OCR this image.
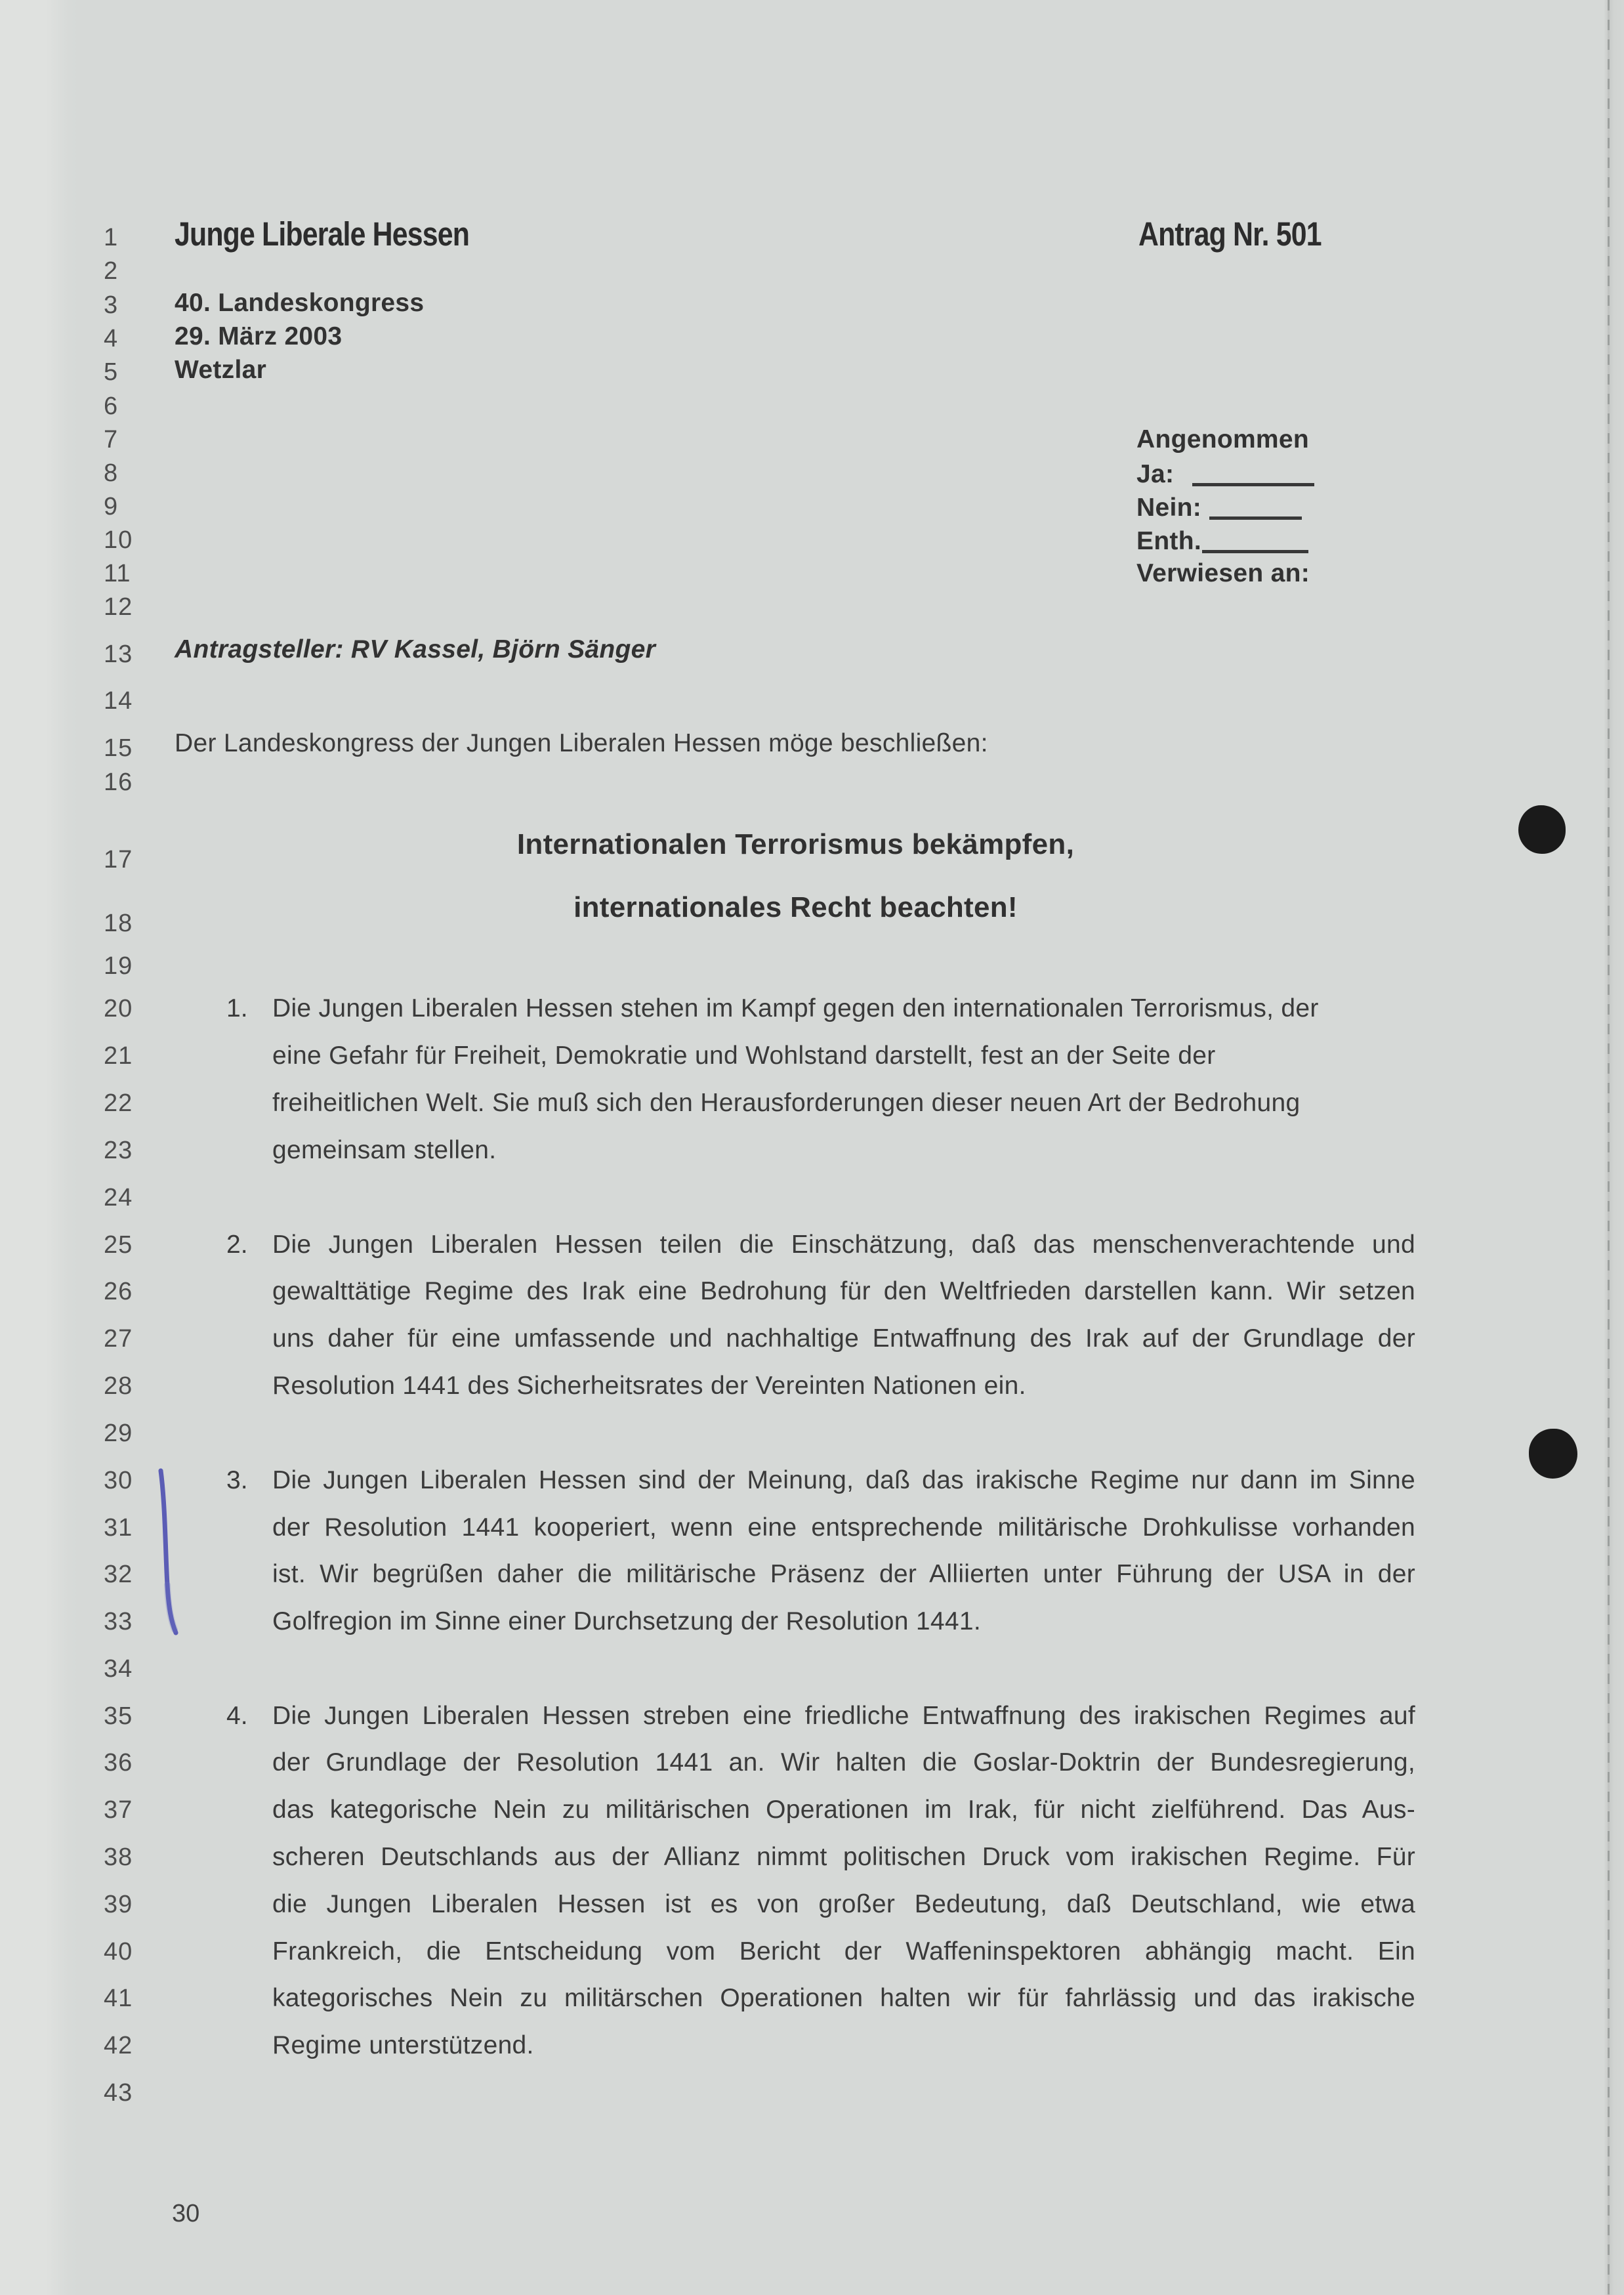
1
2
3
4
5
6
7
8
9
10
11
12
13
14
15
16
17
18
19
20
21
22
23
24
25
26
27
28
29
30
31
32
33
34
35
36
37
38
39
40
41
42
43
Junge Liberale Hessen	Antrag Nr. 501
40. Landeskongress
29. März 2003
Wetzlar
Angenommen
Ja:
Nein:
Enth.
Verwiesen an:
Antragsteller: RV Kassel, Björn Sänger
Der Landeskongress der Jungen Liberalen Hessen möge beschließen:
Internationalen Terrorismus bekämpfen,
internationales Recht beachten!
1. Die Jungen Liberalen Hessen stehen im Kampf gegen den internationalen Terrorismus, der
eine Gefahr für Freiheit, Demokratie und Wohlstand darstellt, fest an der Seite der
freiheitlichen Welt. Sie muß sich den Herausforderungen dieser neuen Art der Bedrohung
gemeinsam stellen.
2. Die Jungen Liberalen Hessen teilen die Einschätzung, daß das menschenverachtende und
gewalttätige Regime des Irak eine Bedrohung für den Weltfrieden darstellen kann. Wir setzen
uns daher für eine umfassende und nachhaltige Entwaffnung des Irak auf der Grundlage der
Resolution 1441 des Sicherheitsrates der Vereinten Nationen ein.
3. Die Jungen Liberalen Hessen sind der Meinung, daß das irakische Regime nur dann im Sinne
der Resolution 1441 kooperiert, wenn eine entsprechende militärische Drohkulisse vorhanden
ist. Wir begrüßen daher die militärische Präsenz der Alliierten unter Führung der USA in der
Golfregion im Sinne einer Durchsetzung der Resolution 1441.
4. Die Jungen Liberalen Hessen streben eine friedliche Entwaffnung des irakischen Regimes auf
der Grundlage der Resolution 1441 an. Wir halten die Goslar-Doktrin der Bundesregierung,
das kategorische Nein zu militärischen Operationen im Irak, für nicht zielführend. Das Aus-
scheren Deutschlands aus der Allianz nimmt politischen Druck vom irakischen Regime. Für
die Jungen Liberalen Hessen ist es von großer Bedeutung, daß Deutschland, wie etwa
Frankreich, die Entscheidung vom Bericht der Waffeninspektoren abhängig macht. Ein
kategorisches Nein zu militärschen Operationen halten wir für fahrlässig und das irakische
Regime unterstützend.
30
